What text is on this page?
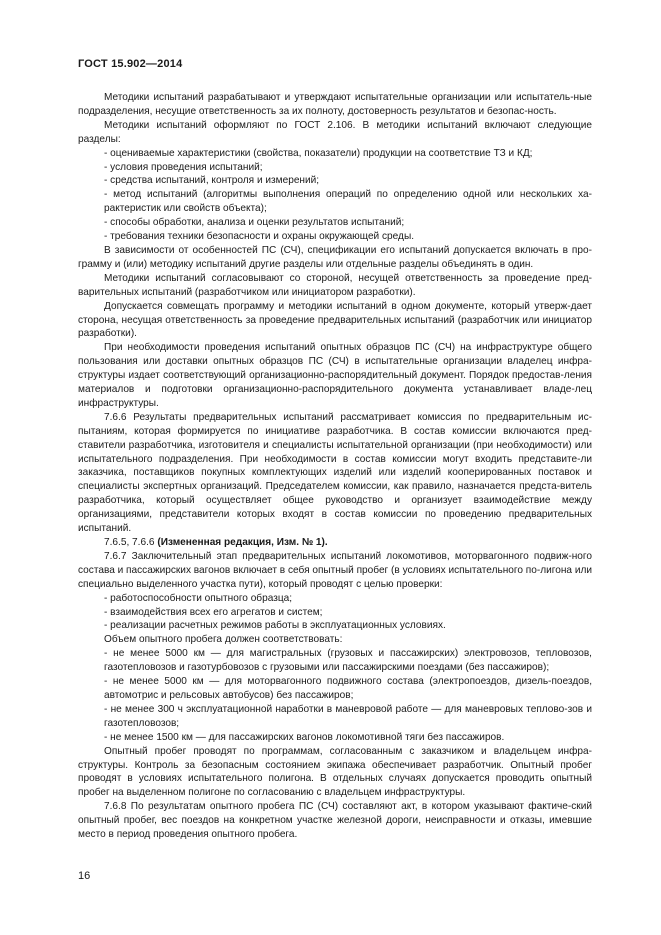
ГОСТ 15.902—2014

Методики испытаний разрабатывают и утверждают испытательные организации или испытатель-ные подразделения, несущие ответственность за их полноту, достоверность результатов и безопас-ность.

Методики испытаний оформляют по ГОСТ 2.106. В методики испытаний включают следующие разделы:

- оцениваемые характеристики (свойства, показатели) продукции на соответствие ТЗ и КД;

- условия проведения испытаний;

- средства испытаний, контроля и измерений;

- метод испытаний (алгоритмы выполнения операций по определению одной или нескольких ха-рактеристик или свойств объекта);

- способы обработки, анализа и оценки результатов испытаний;

- требования техники безопасности и охраны окружающей среды.

В зависимости от особенностей ПС (СЧ), спецификации его испытаний допускается включать в про-грамму и (или) методику испытаний другие разделы или отдельные разделы объединять в один.

Методики испытаний согласовывают со стороной, несущей ответственность за проведение пред-варительных испытаний (разработчиком или инициатором разработки).

Допускается совмещать программу и методики испытаний в одном документе, который утверж-дает сторона, несущая ответственность за проведение предварительных испытаний (разработчик или инициатор разработки).

При необходимости проведения испытаний опытных образцов ПС (СЧ) на инфраструктуре общего пользования или доставки опытных образцов ПС (СЧ) в испытательные организации владелец инфра-структуры издает соответствующий организационно-распорядительный документ. Порядок предостав-ления материалов и подготовки организационно-распорядительного документа устанавливает владе-лец инфраструктуры.

7.6.6 Результаты предварительных испытаний рассматривает комиссия по предварительным ис-пытаниям, которая формируется по инициативе разработчика. В состав комиссии включаются пред-ставители разработчика, изготовителя и специалисты испытательной организации (при необходимости) или испытательного подразделения. При необходимости в состав комиссии могут входить представите-ли заказчика, поставщиков покупных комплектующих изделий или изделий кооперированных поставок и специалисты экспертных организаций. Председателем комиссии, как правило, назначается предста-витель разработчика, который осуществляет общее руководство и организует взаимодействие между организациями, представители которых входят в состав комиссии по проведению предварительных испытаний.

7.6.5, 7.6.6 (Измененная редакция, Изм. № 1).

7.6.7 Заключительный этап предварительных испытаний локомотивов, моторвагонного подвиж-ного состава и пассажирских вагонов включает в себя опытный пробег (в условиях испытательного по-лигона или специально выделенного участка пути), который проводят с целью проверки:

- работоспособности опытного образца;

- взаимодействия всех его агрегатов и систем;

- реализации расчетных режимов работы в эксплуатационных условиях.

Объем опытного пробега должен соответствовать:

- не менее 5000 км — для магистральных (грузовых и пассажирских) электровозов, тепловозов, газотепловозов и газотурбовозов с грузовыми или пассажирскими поездами (без пассажиров);

- не менее 5000 км — для моторвагонного подвижного состава (электропоездов, дизель-поездов, автомотрис и рельсовых автобусов) без пассажиров;

- не менее 300 ч эксплуатационной наработки в маневровой работе — для маневровых теплово-зов и газотепловозов;

- не менее 1500 км — для пассажирских вагонов локомотивной тяги без пассажиров.

Опытный пробег проводят по программам, согласованным с заказчиком и владельцем инфра-структуры. Контроль за безопасным состоянием экипажа обеспечивает разработчик. Опытный пробег проводят в условиях испытательного полигона. В отдельных случаях допускается проводить опытный пробег на выделенном полигоне по согласованию с владельцем инфраструктуры.

7.6.8 По результатам опытного пробега ПС (СЧ) составляют акт, в котором указывают фактиче-ский опытный пробег, вес поездов на конкретном участке железной дороги, неисправности и отказы, имевшие место в период проведения опытного пробега.

16
